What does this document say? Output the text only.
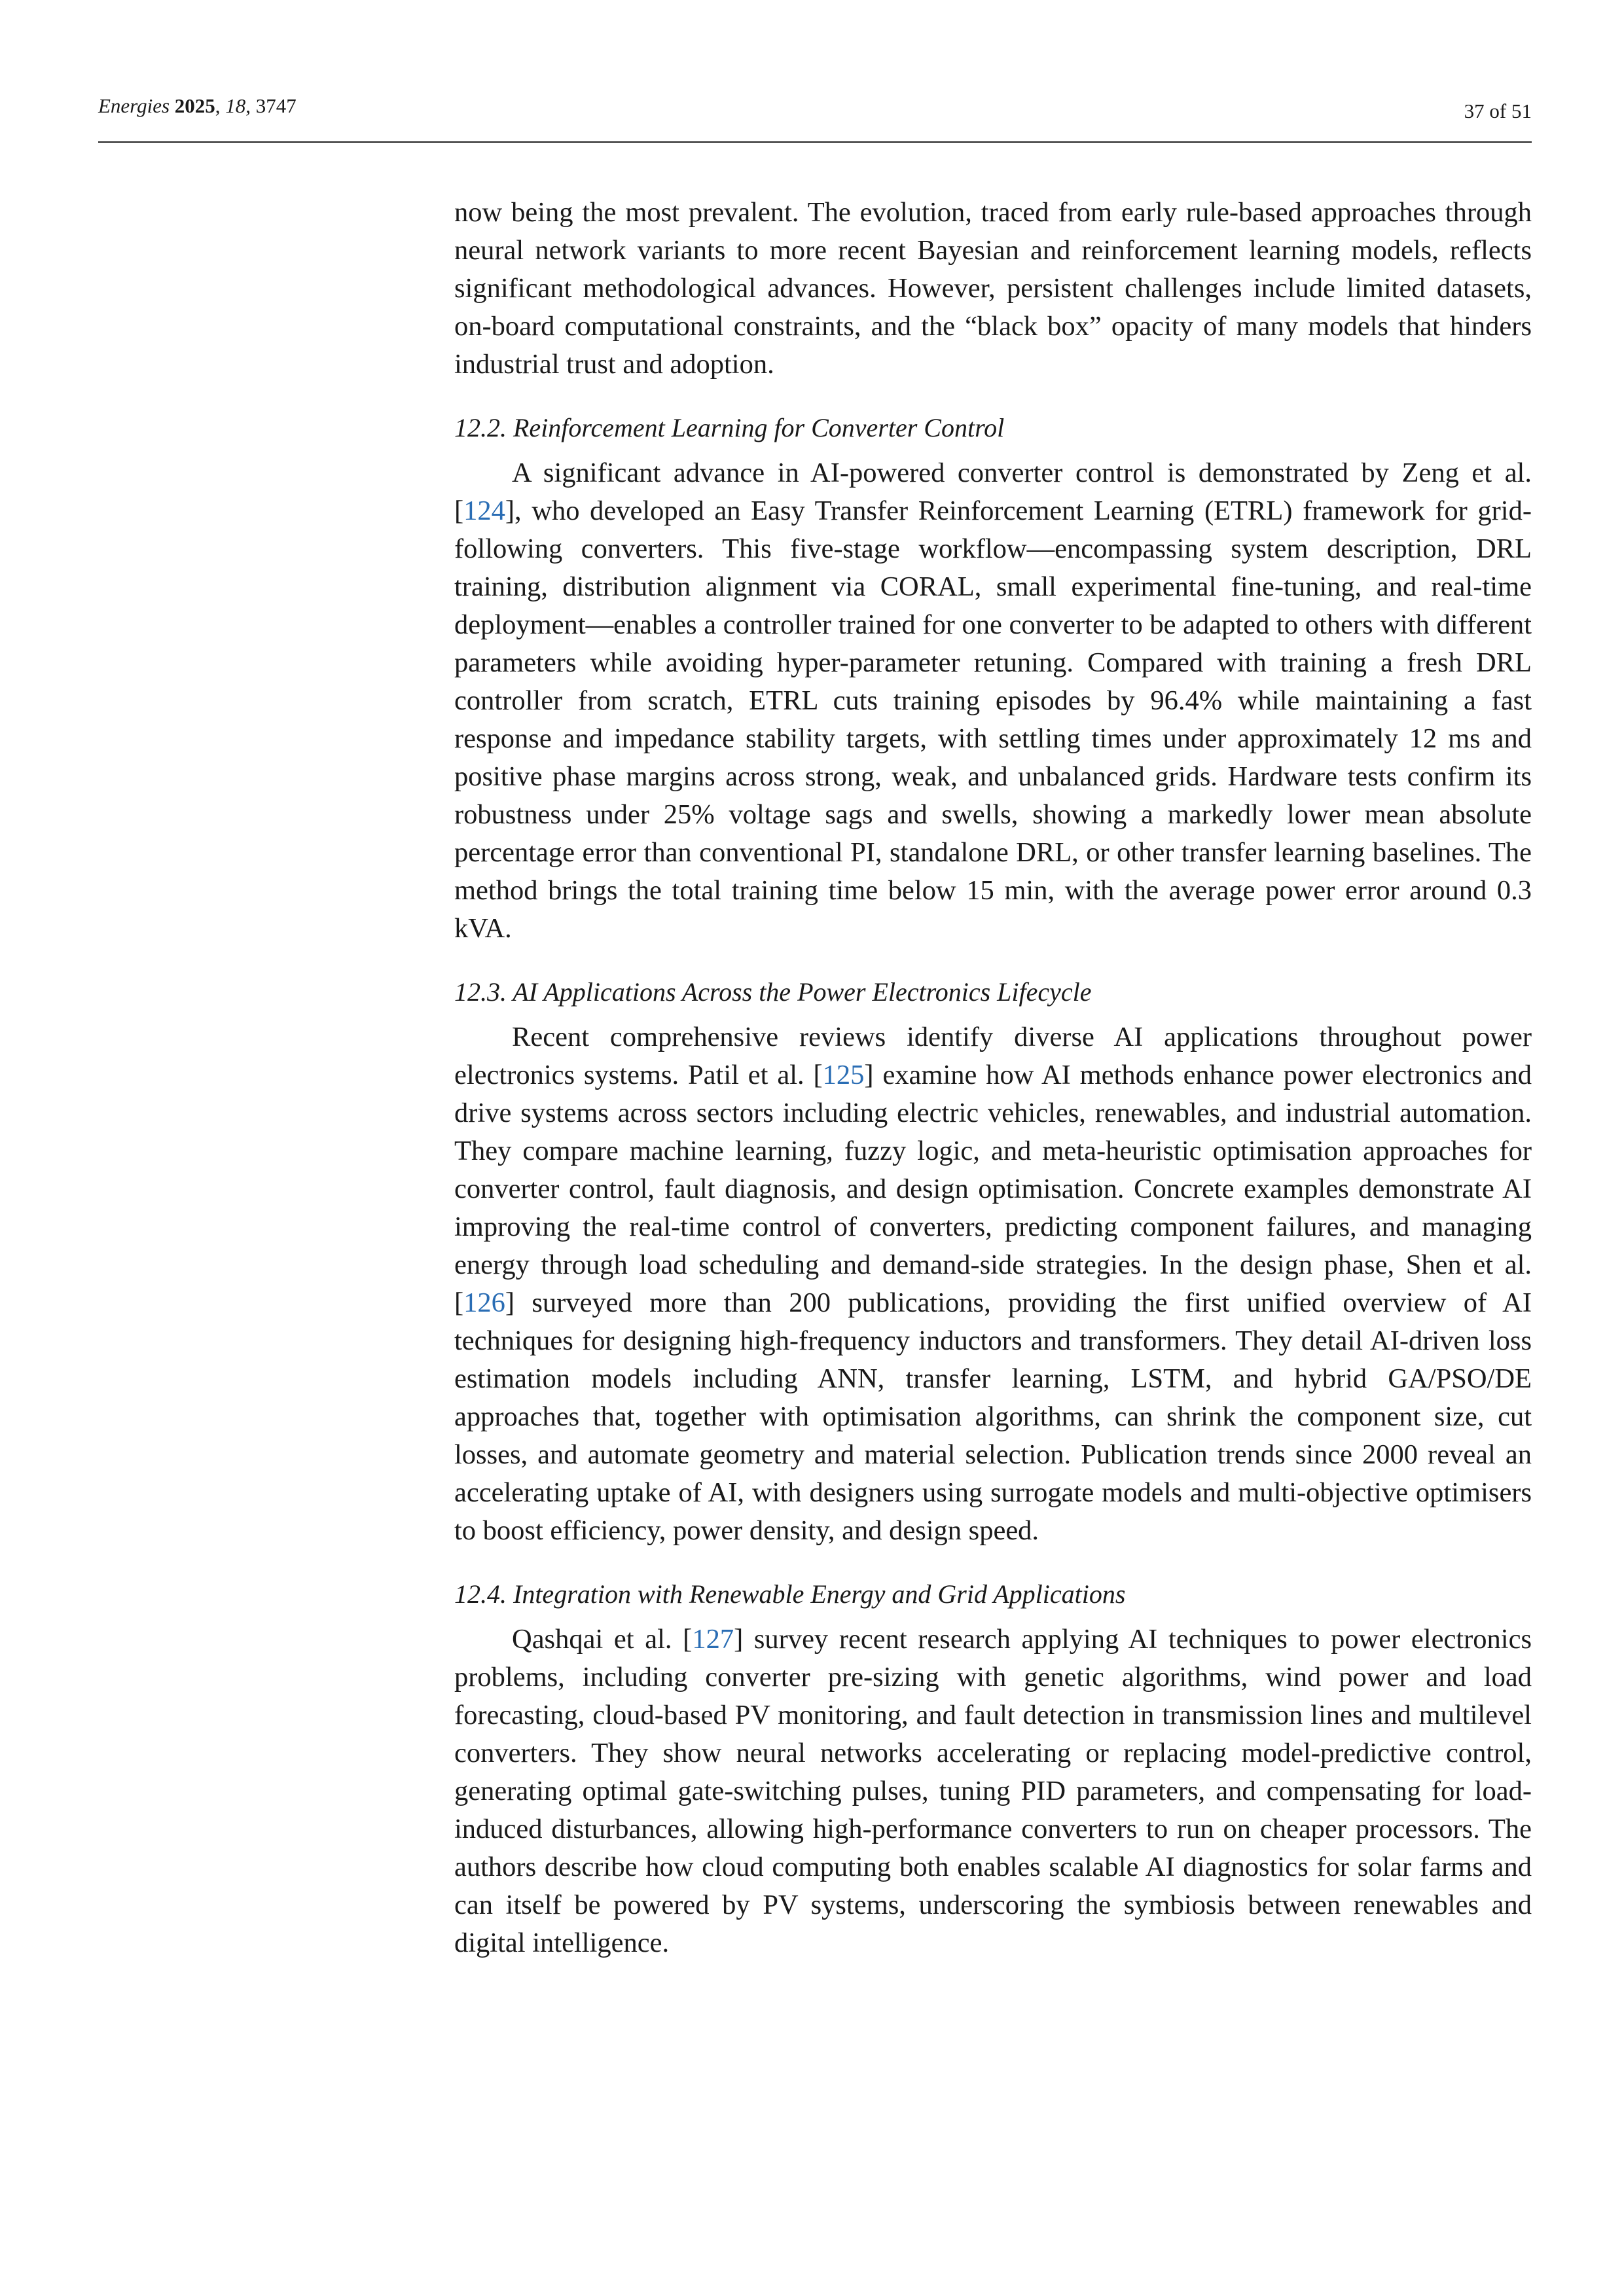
Energies 2025, 18, 3747	37 of 51

now being the most prevalent. The evolution, traced from early rule-based approaches through neural network variants to more recent Bayesian and reinforcement learning models, reflects significant methodological advances. However, persistent challenges include limited datasets, on-board computational constraints, and the “black box” opacity of many models that hinders industrial trust and adoption.

12.2. Reinforcement Learning for Converter Control

A significant advance in AI-powered converter control is demonstrated by Zeng et al. [124], who developed an Easy Transfer Reinforcement Learning (ETRL) framework for grid-following converters. This five-stage workflow—encompassing system description, DRL training, distribution alignment via CORAL, small experimental fine-tuning, and real-time deployment—enables a controller trained for one converter to be adapted to others with different parameters while avoiding hyper-parameter retuning. Compared with training a fresh DRL controller from scratch, ETRL cuts training episodes by 96.4% while maintaining a fast response and impedance stability targets, with settling times under approximately 12 ms and positive phase margins across strong, weak, and unbalanced grids. Hardware tests confirm its robustness under 25% voltage sags and swells, showing a markedly lower mean absolute percentage error than conventional PI, standalone DRL, or other transfer learning baselines. The method brings the total training time below 15 min, with the average power error around 0.3 kVA.

12.3. AI Applications Across the Power Electronics Lifecycle

Recent comprehensive reviews identify diverse AI applications throughout power electronics systems. Patil et al. [125] examine how AI methods enhance power electronics and drive systems across sectors including electric vehicles, renewables, and industrial automation. They compare machine learning, fuzzy logic, and meta-heuristic optimisation approaches for converter control, fault diagnosis, and design optimisation. Concrete examples demonstrate AI improving the real-time control of converters, predicting component failures, and managing energy through load scheduling and demand-side strategies. In the design phase, Shen et al. [126] surveyed more than 200 publications, providing the first unified overview of AI techniques for designing high-frequency inductors and transformers. They detail AI-driven loss estimation models including ANN, transfer learning, LSTM, and hybrid GA/PSO/DE approaches that, together with optimisation algorithms, can shrink the component size, cut losses, and automate geometry and material selection. Publication trends since 2000 reveal an accelerating uptake of AI, with designers using surrogate models and multi-objective optimisers to boost efficiency, power density, and design speed.

12.4. Integration with Renewable Energy and Grid Applications

Qashqai et al. [127] survey recent research applying AI techniques to power electronics problems, including converter pre-sizing with genetic algorithms, wind power and load forecasting, cloud-based PV monitoring, and fault detection in transmission lines and multilevel converters. They show neural networks accelerating or replacing model-predictive control, generating optimal gate-switching pulses, tuning PID parameters, and compensating for load-induced disturbances, allowing high-performance converters to run on cheaper processors. The authors describe how cloud computing both enables scalable AI diagnostics for solar farms and can itself be powered by PV systems, underscoring the symbiosis between renewables and digital intelligence.
